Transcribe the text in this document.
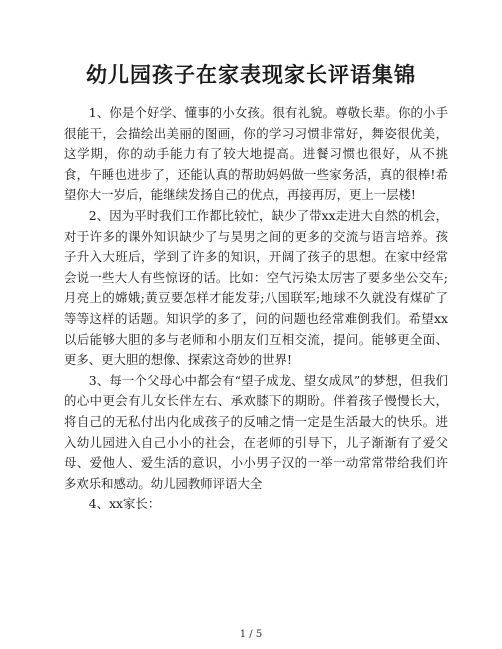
幼儿园孩子在家表现家长评语集锦

1、你是个好学、懂事的小女孩。很有礼貌。尊敬长辈。你的小手很能干，会描绘出美丽的图画，你的学习习惯非常好，舞姿很优美，这学期，你的动手能力有了较大地提高。进餐习惯也很好，从不挑食，午睡也进步了，还能认真的帮助妈妈做一些家务活，真的很棒!希望你大一岁后，能继续发扬自己的优点，再接再厉，更上一层楼!

2、因为平时我们工作都比较忙，缺少了带xx走进大自然的机会，对于许多的课外知识缺少了与昊男之间的更多的交流与语言培养。孩子升入大班后，学到了许多的知识，开阔了孩子的思想。在家中经常会说一些大人有些惊讶的话。比如：空气污染太厉害了要多坐公交车;月亮上的嫦娥;黄豆要怎样才能发芽;八国联军;地球不久就没有煤矿了等等这样的话题。知识学的多了，问的问题也经常难倒我们。希望xx以后能够大胆的多与老师和小朋友们互相交流，提问。能够更全面、更多、更大胆的想像、探索这奇妙的世界!

3、每一个父母心中都会有“望子成龙、望女成凤”的梦想，但我们的心中更会有儿女长伴左右、承欢膝下的期盼。伴着孩子慢慢长大，将自己的无私付出内化成孩子的反哺之情一定是生活最大的快乐。进入幼儿园进入自己小小的社会，在老师的引导下，儿子渐渐有了爱父母、爱他人、爱生活的意识，小小男子汉的一举一动常常带给我们许多欢乐和感动。幼儿园教师评语大全

4、xx家长：

1 / 5
